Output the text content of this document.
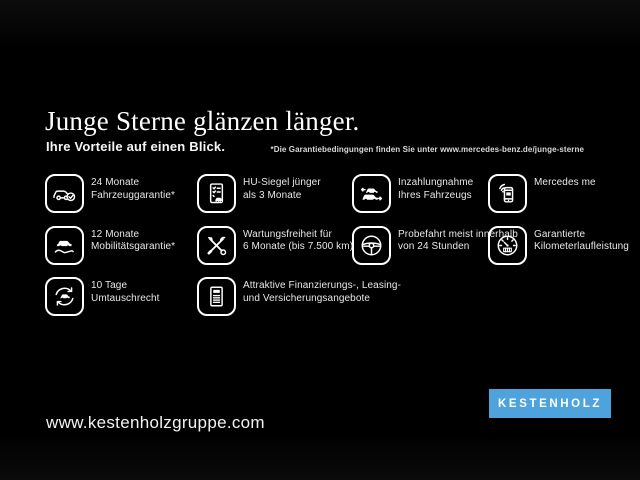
Junge Sterne glänzen länger.

Ihre Vorteile auf einen Blick.	*Die Garantiebedingungen finden Sie unter www.mercedes-benz.de/junge-sterne

24 Monate
Fahrzeuggarantie*
HU-Siegel jünger
als 3 Monate
Inzahlungnahme
Ihres Fahrzeugs
Mercedes me
12 Monate
Mobilitätsgarantie*
Wartungsfreiheit für
6 Monate (bis 7.500 km)
Probefahrt meist innerhalb
von 24 Stunden
Garantierte
Kilometerlaufleistung
10 Tage
Umtauschrecht
Attraktive Finanzierungs-, Leasing-
und Versicherungsangebote

www.kestenholzgruppe.com

KESTENHOLZ
